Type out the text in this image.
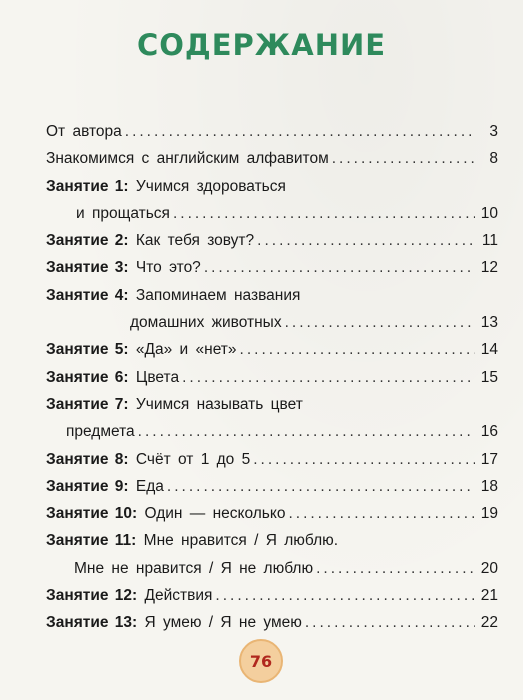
СОДЕРЖАНИЕ
От автора .....	3
Знакомимся с английским алфавитом .....	8
Занятие 1: Учимся здороваться
и прощаться .....	10
Занятие 2: Как тебя зовут? .....	11
Занятие 3: Что это? .....	12
Занятие 4: Запоминаем названия
домашних животных .....	13
Занятие 5: «Да» и «нет» .....	14
Занятие 6: Цвета .....	15
Занятие 7: Учимся называть цвет
предмета .....	16
Занятие 8: Счёт от 1 до 5 .....	17
Занятие 9: Еда .....	18
Занятие 10: Один — несколько .....	19
Занятие 11: Мне нравится / Я люблю.
Мне не нравится / Я не люблю .....	20
Занятие 12: Действия .....	21
Занятие 13: Я умею / Я не умею .....	22
76
